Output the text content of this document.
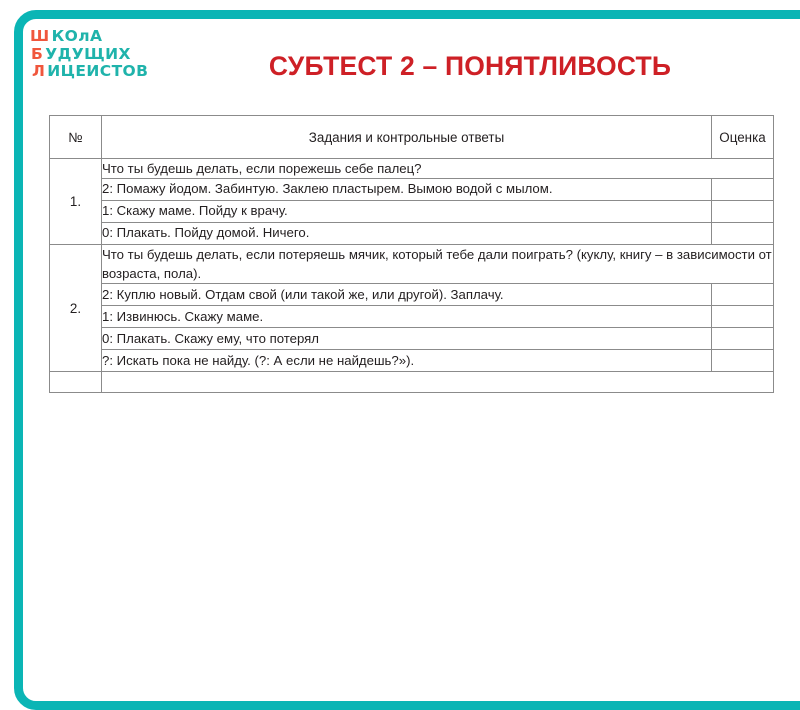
Ш КОлА
Б УДУЩИХ
Л ИЦЕИСТОВ	СУБТЕСТ 2 – ПОНЯТЛИВОСТЬ
№	Задания и контрольные ответы	Оценка
1.	Что ты будешь делать, если порежешь себе палец?	
	2: Помажу йодом. Забинтую. Заклею пластырем. Вымою водой с мылом.	
	1: Скажу маме. Пойду к врачу.	
	0: Плакать. Пойду домой. Ничего.	
2.	Что ты будешь делать, если потеряешь мячик, который тебе дали поиграть? (куклу, книгу – в зависимости от возраста, пола).	
	2: Куплю новый. Отдам свой (или такой же, или другой). Заплачу.	
	1: Извинюсь. Скажу маме.	
	0: Плакать. Скажу ему, что потерял	
	?: Искать пока не найду. (?: А если не найдешь?»).	
